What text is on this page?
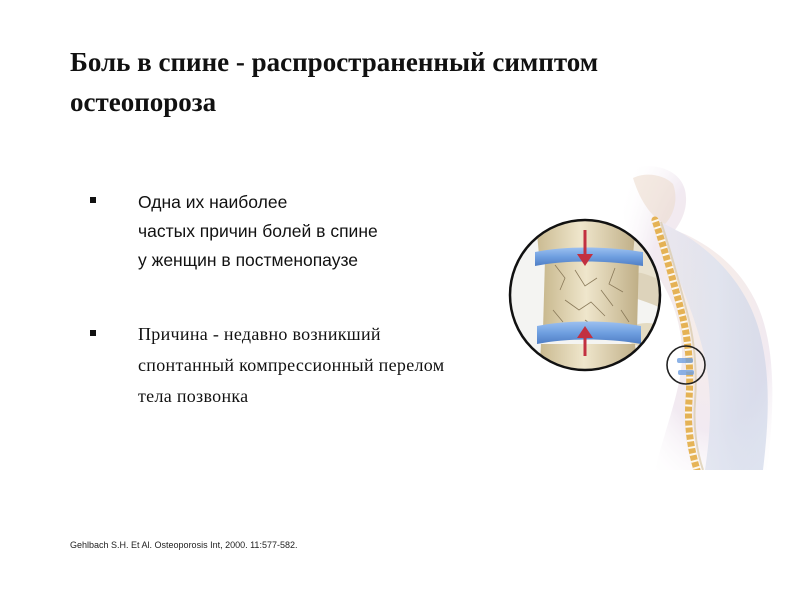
Боль в спине - распространенный симптом
остеопороза
Одна их наиболее
частых причин болей в спине
у женщин в постменопаузе
Причина - недавно возникший
спонтанный компрессионный перелом
тела позвонка
Gehlbach S.H. Et Al. Osteoporosis Int, 2000. 11:577-582.
